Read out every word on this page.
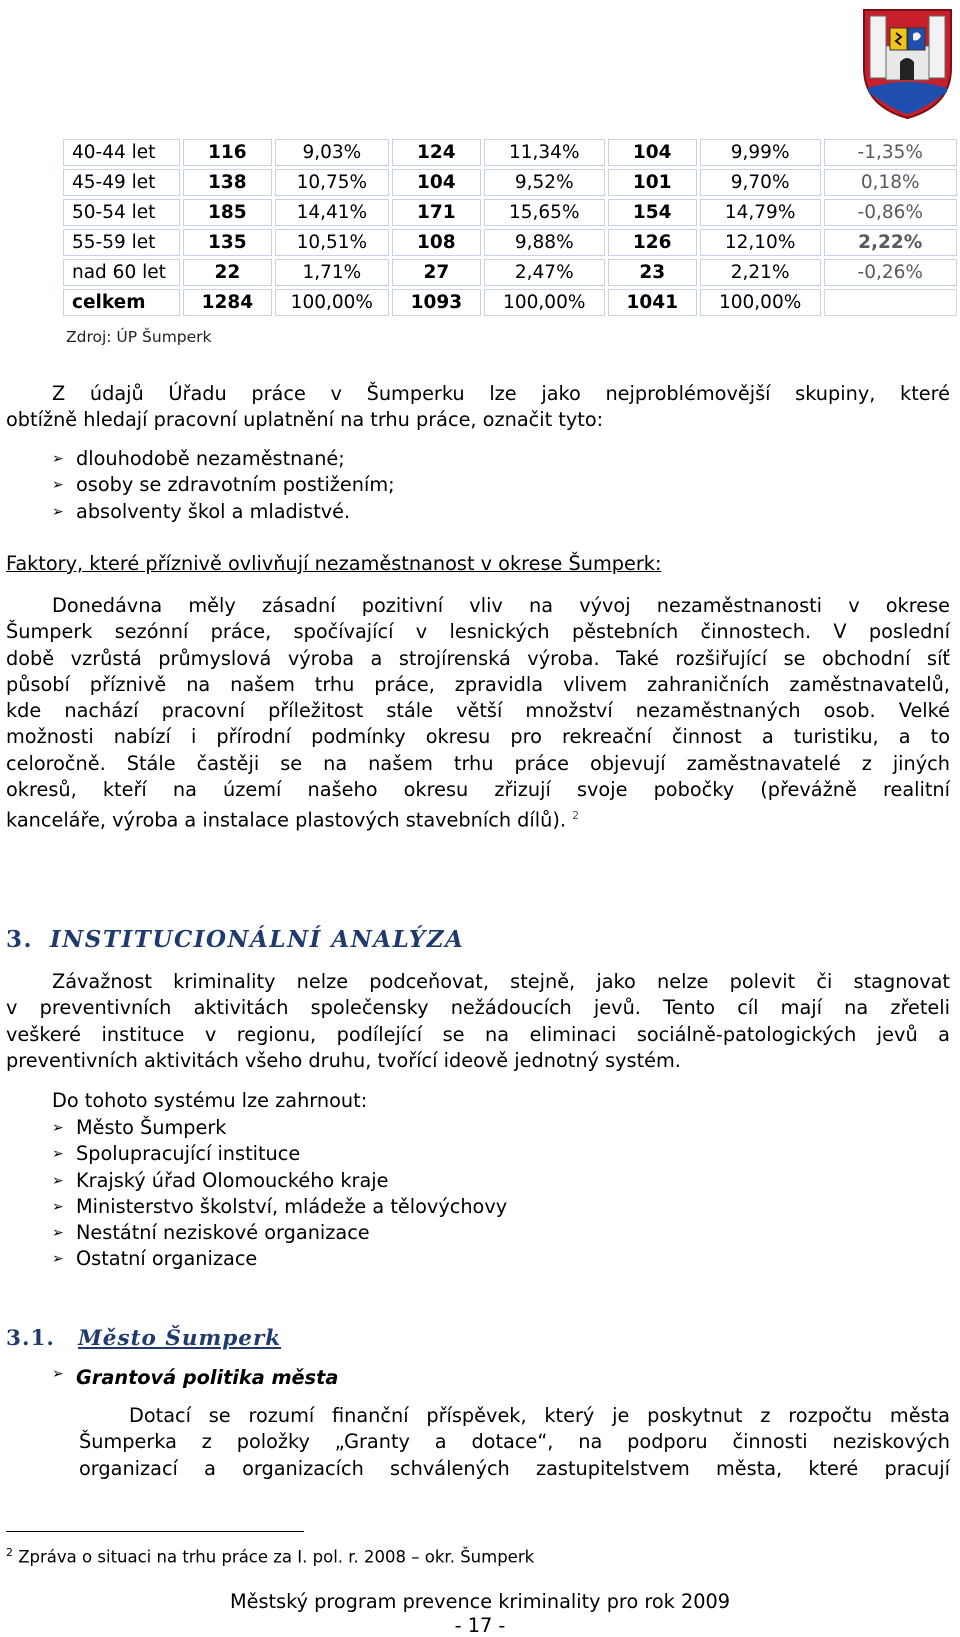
40-44 let	116	9,03%	124	11,34%	104	9,99%	-1,35%
45-49 let	138	10,75%	104	9,52%	101	9,70%	0,18%
50-54 let	185	14,41%	171	15,65%	154	14,79%	-0,86%
55-59 let	135	10,51%	108	9,88%	126	12,10%	2,22%
nad 60 let	22	1,71%	27	2,47%	23	2,21%	-0,26%
celkem	1284	100,00%	1093	100,00%	1041	100,00%	
Zdroj: ÚP Šumperk
Z údajů Úřadu práce v Šumperku lze jako nejproblémovější skupiny, které
obtížně hledají pracovní uplatnění na trhu práce, označit tyto:
➢ dlouhodobě nezaměstnané;
➢ osoby se zdravotním postižením;
➢ absolventy škol a mladistvé.
Faktory, které příznivě ovlivňují nezaměstnanost v okrese Šumperk:
Donedávna měly zásadní pozitivní vliv na vývoj nezaměstnanosti v okrese
Šumperk sezónní práce, spočívající v lesnických pěstebních činnostech. V poslední
době vzrůstá průmyslová výroba a strojírenská výroba. Také rozšiřující se obchodní síť
působí příznivě na našem trhu práce, zpravidla vlivem zahraničních zaměstnavatelů,
kde nachází pracovní příležitost stále větší množství nezaměstnaných osob. Velké
možnosti nabízí i přírodní podmínky okresu pro rekreační činnost a turistiku, a to
celoročně. Stále častěji se na našem trhu práce objevují zaměstnavatelé z jiných
okresů, kteří na území našeho okresu zřizují svoje pobočky (převážně realitní
kanceláře, výroba a instalace plastových stavebních dílů). $^2$
3. INSTITUCIONÁLNÍ ANALÝZA
Závažnost kriminality nelze podceňovat, stejně, jako nelze polevit či stagnovat
v preventivních aktivitách společensky nežádoucích jevů. Tento cíl mají na zřeteli
veškeré instituce v regionu, podílející se na eliminaci sociálně-patologických jevů a
preventivních aktivitách všeho druhu, tvořící ideově jednotný systém.
Do tohoto systému lze zahrnout:
➢ Město Šumperk
➢ Spolupracující instituce
➢ Krajský úřad Olomouckého kraje
➢ Ministerstvo školství, mládeže a tělovýchovy
➢ Nestátní neziskové organizace
➢ Ostatní organizace
3.1. Město Šumperk
➢ Grantová politika města
Dotací se rozumí finanční příspěvek, který je poskytnut z rozpočtu města
Šumperka z položky „Granty a dotace“, na podporu činnosti neziskových
organizací a organizacích schválených zastupitelstvem města, které pracují
$^2$ Zpráva o situaci na trhu práce za I. pol. r. 2008 – okr. Šumperk
Městský program prevence kriminality pro rok 2009
- 17 -
